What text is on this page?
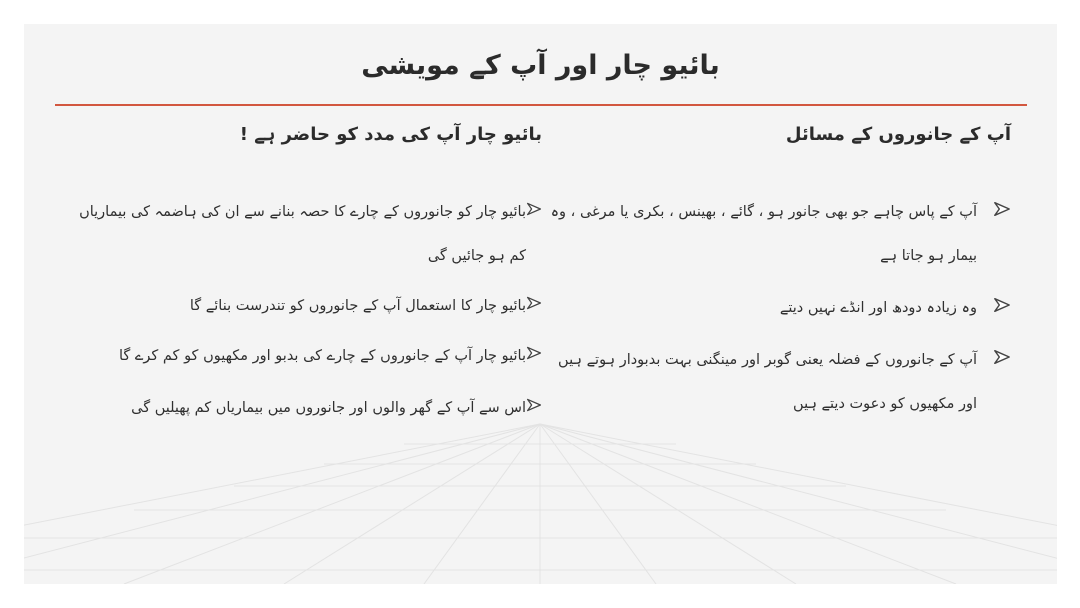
بائیو چار اور آپ کے مویشی
آپ کے جانوروں کے مسائل
آپ کے پاس چاہے جو بھی جانور ہو ، گائے ، بھینس ، بکری یا مرغی ، وہ بیمار ہو جاتا ہے
وہ زیادہ دودھ اور انڈے نہیں دیتے
آپ کے جانوروں کے فضلہ یعنی گوبر اور مینگنی بہت بدبودار ہوتے ہیں اور مکھیوں کو دعوت دیتے ہیں
بائیو چار آپ کی مدد کو حاضر ہے !
بائیو چار کو جانوروں کے چارے کا حصہ بنانے سے ان کی ہاضمہ کی بیماریاں کم ہو جائیں گی
بائیو چار کا استعمال آپ کے جانوروں کو تندرست بنائے گا
بائیو چار آپ کے جانوروں کے چارے کی بدبو اور مکھیوں کو کم کرے گا
اس سے آپ کے گھر والوں اور جانوروں میں بیماریاں کم پھیلیں گی
